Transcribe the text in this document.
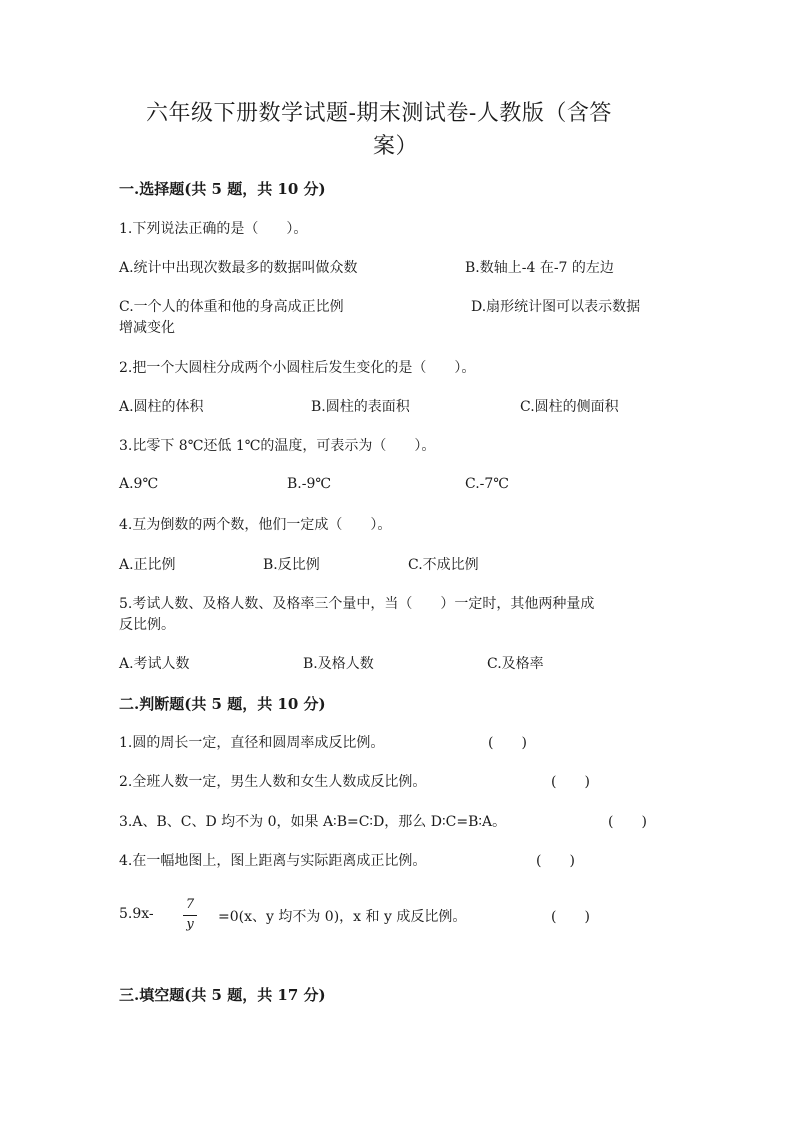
六年级下册数学试题-期末测试卷-人教版（含答
案）
一.选择题(共 5 题，共 10 分)
1.下列说法正确的是（　　）。
A.统计中出现次数最多的数据叫做众数	B.数轴上-4 在-7 的左边
C.一个人的体重和他的身高成正比例	D.扇形统计图可以表示数据
增减变化
2.把一个大圆柱分成两个小圆柱后发生变化的是（　　）。
A.圆柱的体积	B.圆柱的表面积	C.圆柱的侧面积
3.比零下 8℃还低 1℃的温度，可表示为（　　）。
A.9℃	B.-9℃	C.-7℃
4.互为倒数的两个数，他们一定成（　　）。
A.正比例	B.反比例	C.不成比例
5.考试人数、及格人数、及格率三个量中，当（　　）一定时，其他两种量成
反比例。
A.考试人数	B.及格人数	C.及格率
二.判断题(共 5 题，共 10 分)
1.圆的周长一定，直径和圆周率成反比例。	(　　)
2.全班人数一定，男生人数和女生人数成反比例。	(　　)
3.A、B、C、D 均不为 0，如果 A∶B=C∶D，那么 D∶C=B∶A。	(　　)
4.在一幅地图上，图上距离与实际距离成正比例。	(　　)
5.9x-
7
y =0(x、y 均不为 0)，x 和 y 成反比例。	(　　)
三.填空题(共 5 题，共 17 分)
